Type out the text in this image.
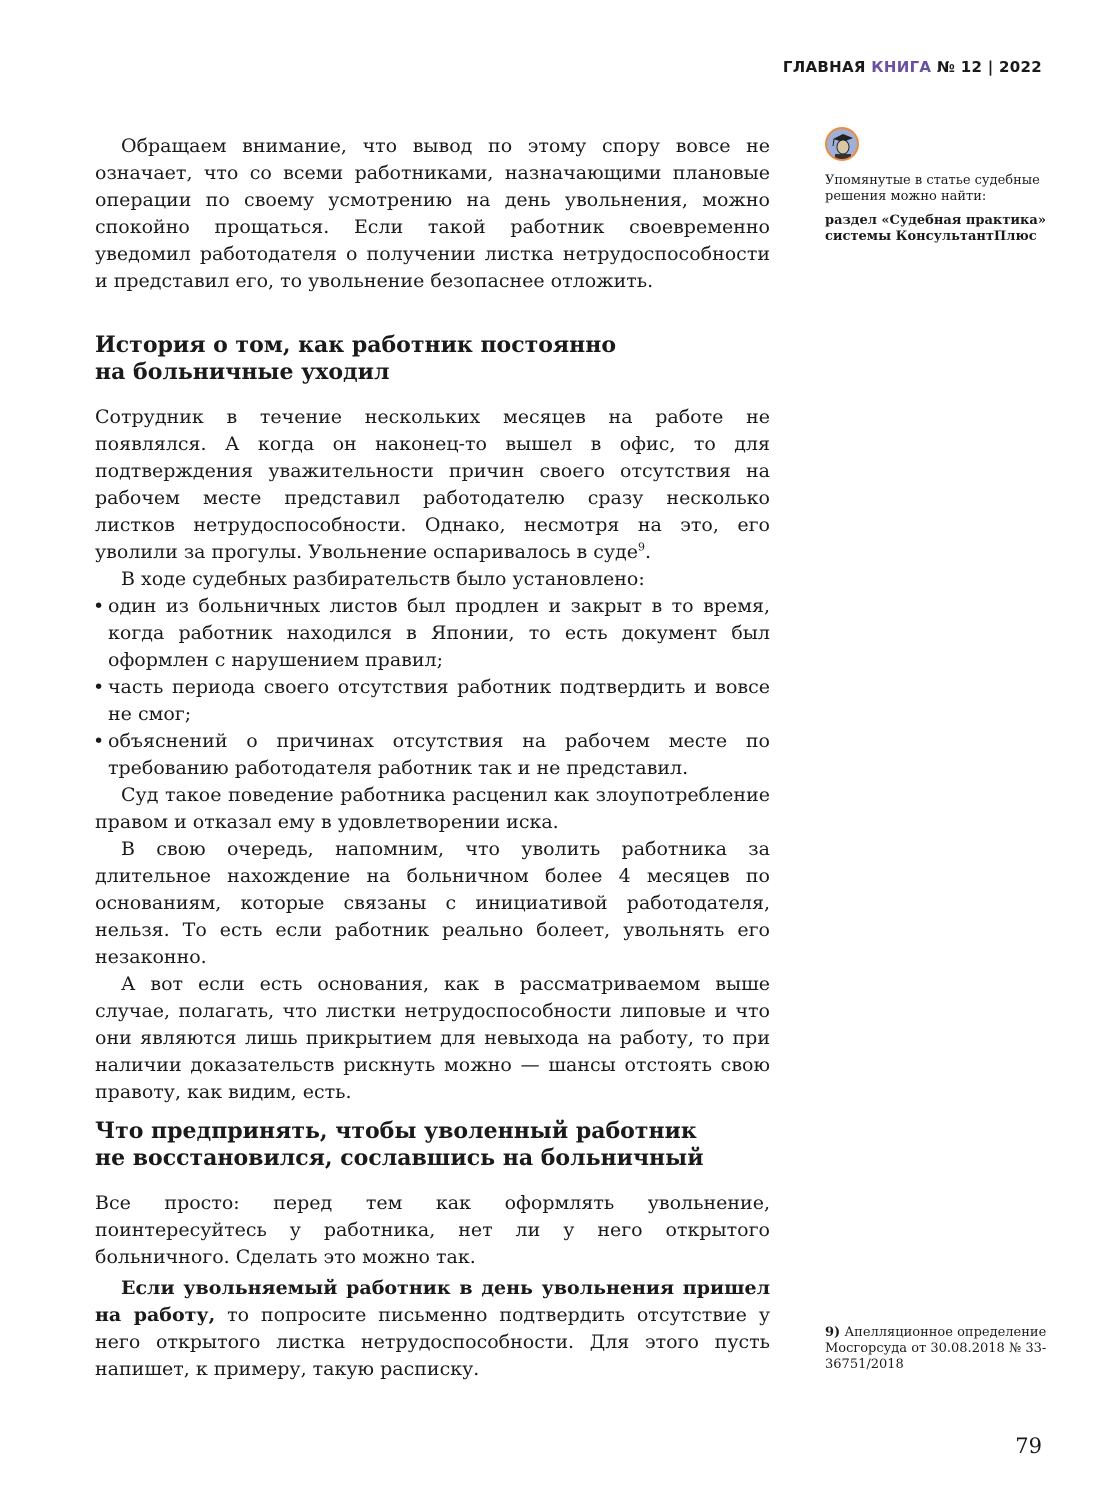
ГЛАВНАЯ КНИГА № 12 | 2022
Упомянутые в статье судебные решения можно найти:
раздел «Судебная практика» системы КонсультантПлюс

Обращаем внимание, что вывод по этому спору вовсе не означает, что со всеми работниками, назначающими плановые операции по своему усмотрению на день увольнения, можно спокойно прощаться. Если такой работник своевременно уведомил работодателя о получении листка нетрудоспособности и представил его, то увольнение безопаснее отложить.

История о том, как работник постоянно
на больничные уходил

Сотрудник в течение нескольких месяцев на работе не появлялся. А когда он наконец-то вышел в офис, то для подтверждения уважительности причин своего отсутствия на рабочем месте представил работодателю сразу несколько листков нетрудоспособности. Однако, несмотря на это, его уволили за прогулы. Увольнение оспаривалось в суде$^9$.

В ходе судебных разбирательств было установлено:

• один из больничных листов был продлен и закрыт в то время, когда работник находился в Японии, то есть документ был оформлен с нарушением правил;
• часть периода своего отсутствия работник подтвердить и вовсе не смог;
• объяснений о причинах отсутствия на рабочем месте по требованию работодателя работник так и не представил.

Суд такое поведение работника расценил как злоупотребление правом и отказал ему в удовлетворении иска.

В свою очередь, напомним, что уволить работника за длительное нахождение на больничном более 4 месяцев по основаниям, которые связаны с инициативой работодателя, нельзя. То есть если работник реально болеет, увольнять его незаконно.

А вот если есть основания, как в рассматриваемом выше случае, полагать, что листки нетрудоспособности липовые и что они являются лишь прикрытием для невыхода на работу, то при наличии доказательств рискнуть можно — шансы отстоять свою правоту, как видим, есть.

Что предпринять, чтобы уволенный работник
не восстановился, сославшись на больничный

Все просто: перед тем как оформлять увольнение, поинтересуйтесь у работника, нет ли у него открытого больничного. Сделать это можно так.

Если увольняемый работник в день увольнения пришел на работу, то попросите письменно подтвердить отсутствие у него открытого листка нетрудоспособности. Для этого пусть напишет, к примеру, такую расписку.

9) Апелляционное определение Мосгорсуда от 30.08.2018 № 33-36751/2018
79
